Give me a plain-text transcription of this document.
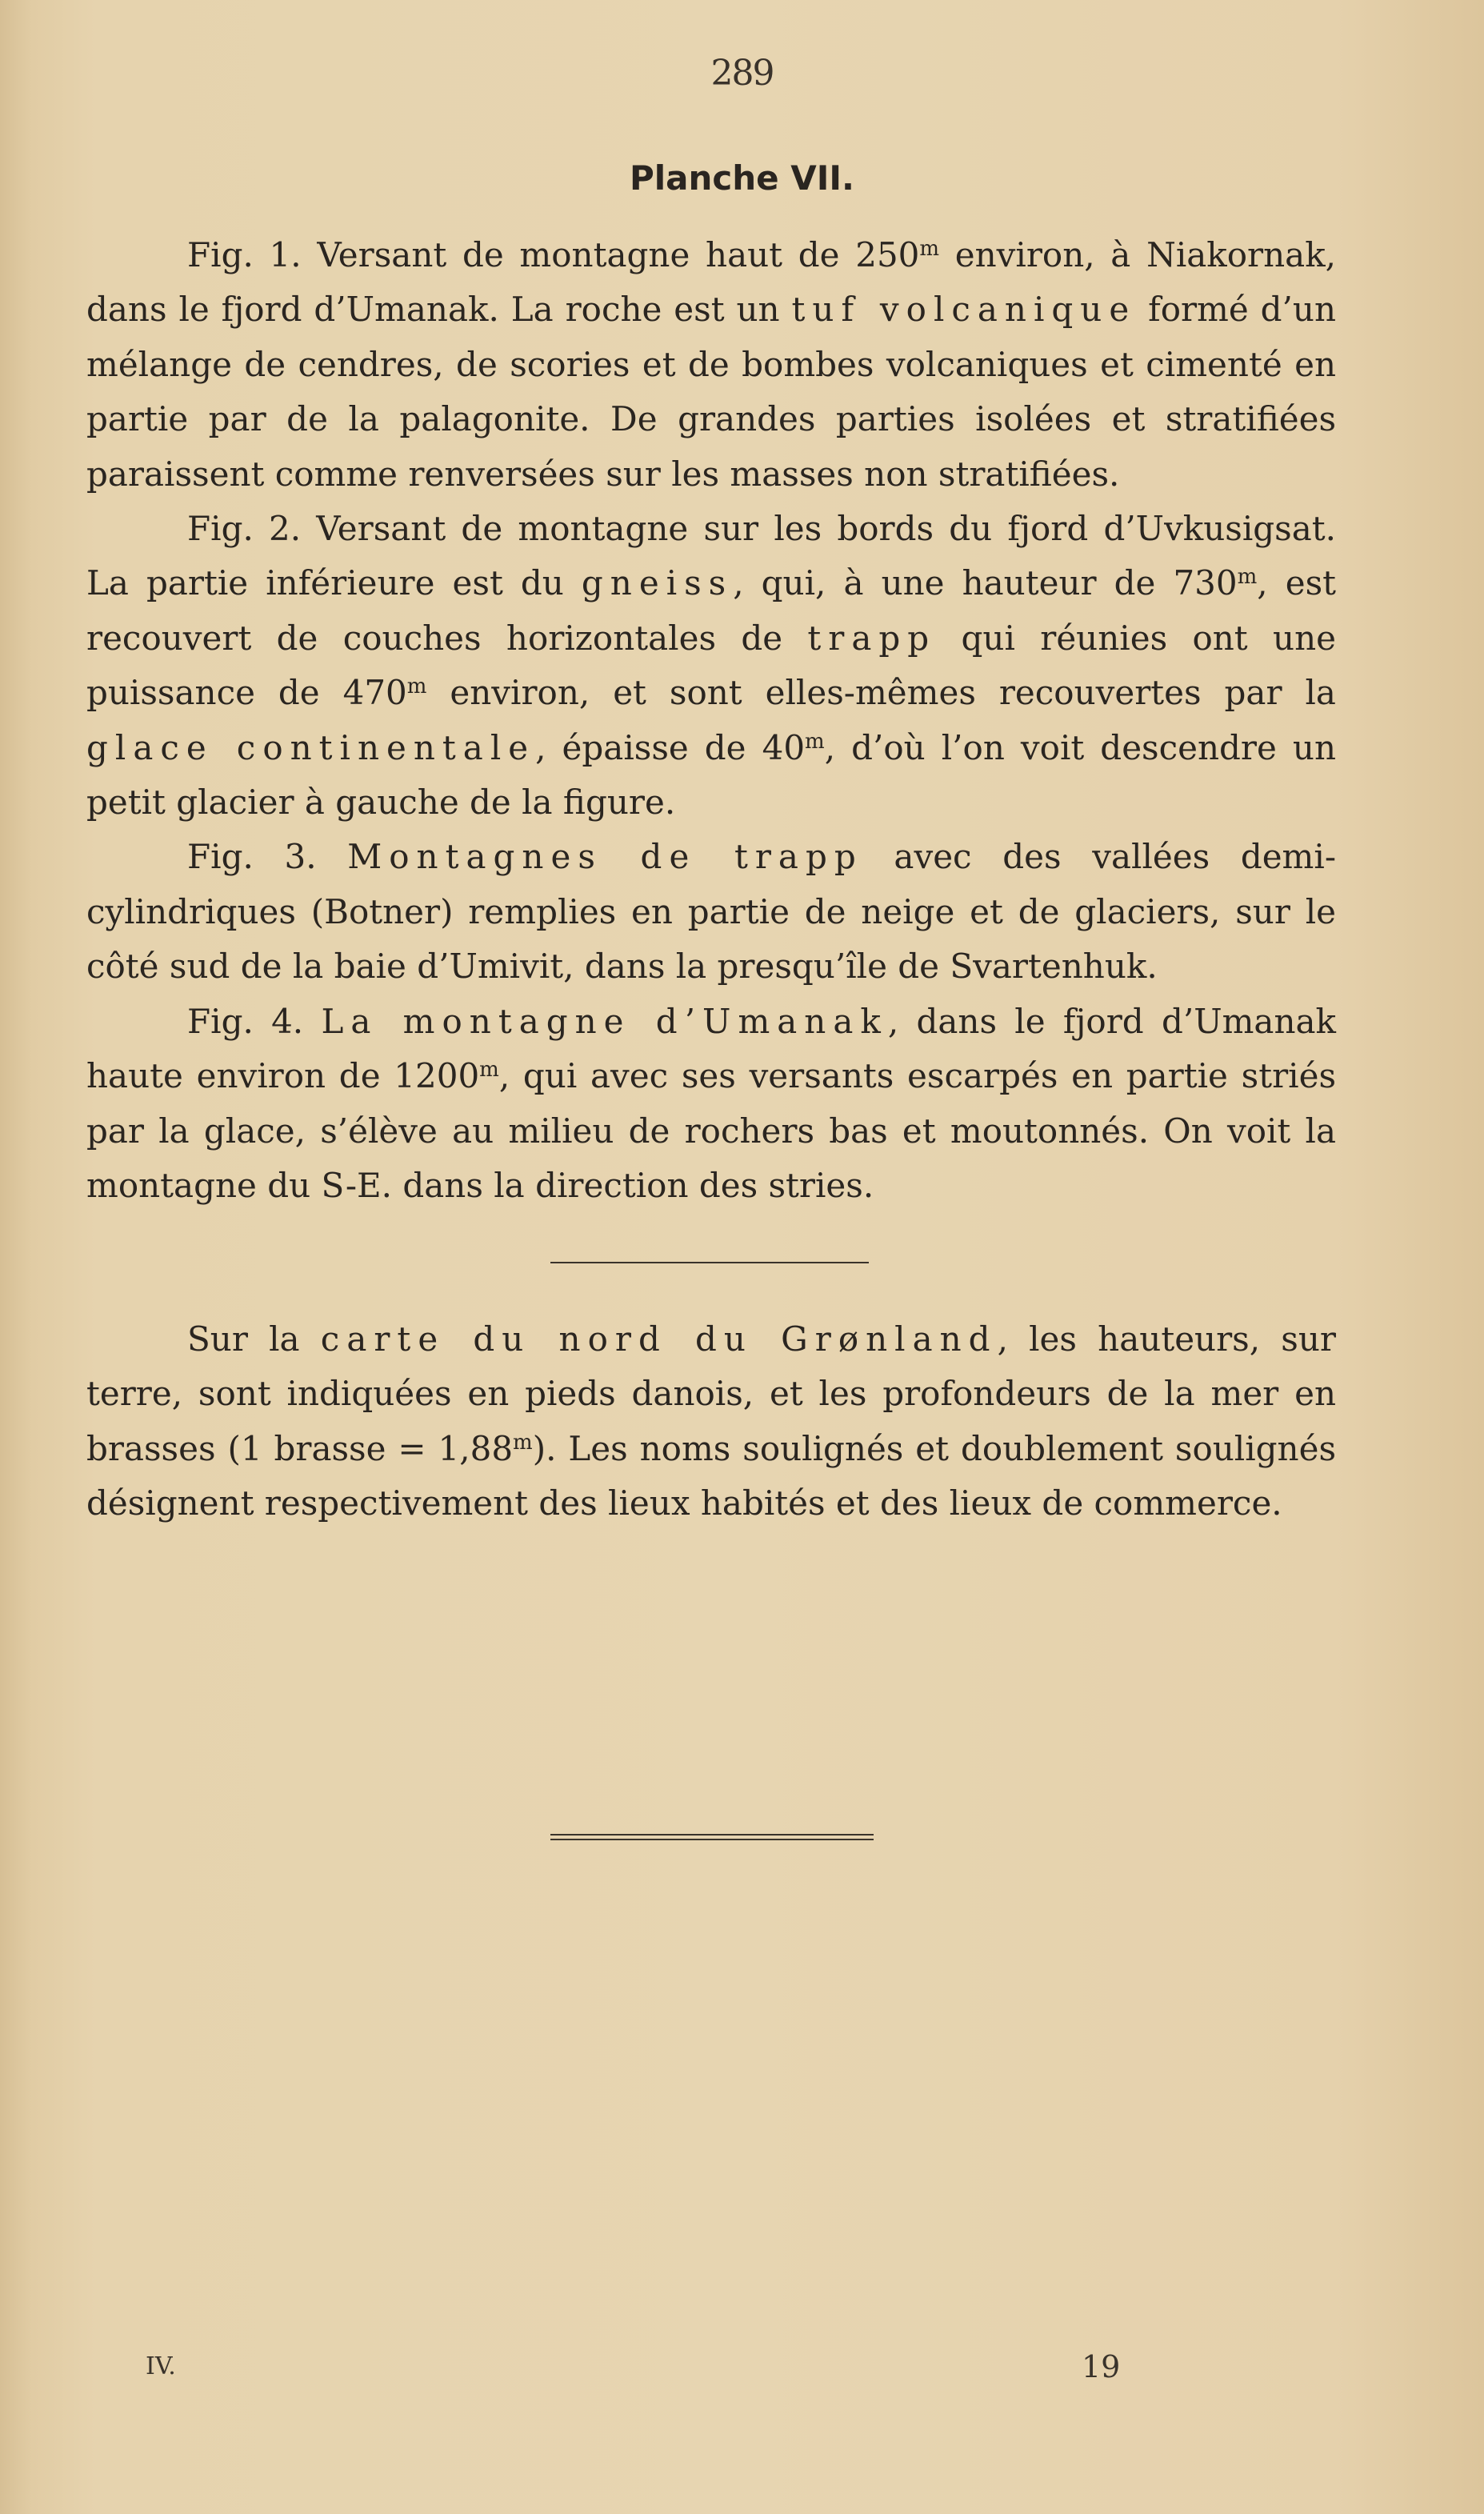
289
Planche VII.

Fig. 1. Versant de montagne haut de 250$^m$ environ, à Niakornak, dans le fjord d’Umanak. La roche est un tuf volcanique formé d’un mélange de cendres, de scories et de bombes volcaniques et cimenté en partie par de la palagonite. De grandes parties isolées et stratifiées paraissent comme renversées sur les masses non stratifiées.

Fig. 2. Versant de montagne sur les bords du fjord d’Uvkusigsat. La partie inférieure est du gneiss, qui, à une hauteur de 730$^m$, est recouvert de couches horizontales de trapp qui réunies ont une puissance de 470$^m$ environ, et sont elles-mêmes recouvertes par la glace continentale, épaisse de 40$^m$, d’où l’on voit descendre un petit glacier à gauche de la figure.

Fig. 3. Montagnes de trapp avec des vallées demi-cylindriques (Botner) remplies en partie de neige et de glaciers, sur le côté sud de la baie d’Umivit, dans la presqu’île de Svartenhuk.

Fig. 4. La montagne d’Umanak, dans le fjord d’Umanak haute environ de 1200$^m$, qui avec ses versants escarpés en partie striés par la glace, s’élève au milieu de rochers bas et moutonnés. On voit la montagne du S-E. dans la direction des stries.

Sur la carte du nord du Grønland, les hauteurs, sur terre, sont indiquées en pieds danois, et les profondeurs de la mer en brasses (1 brasse = $1,88^m$). Les noms soulignés et doublement soulignés désignent respectivement des lieux habités et des lieux de commerce.

IV.	19
